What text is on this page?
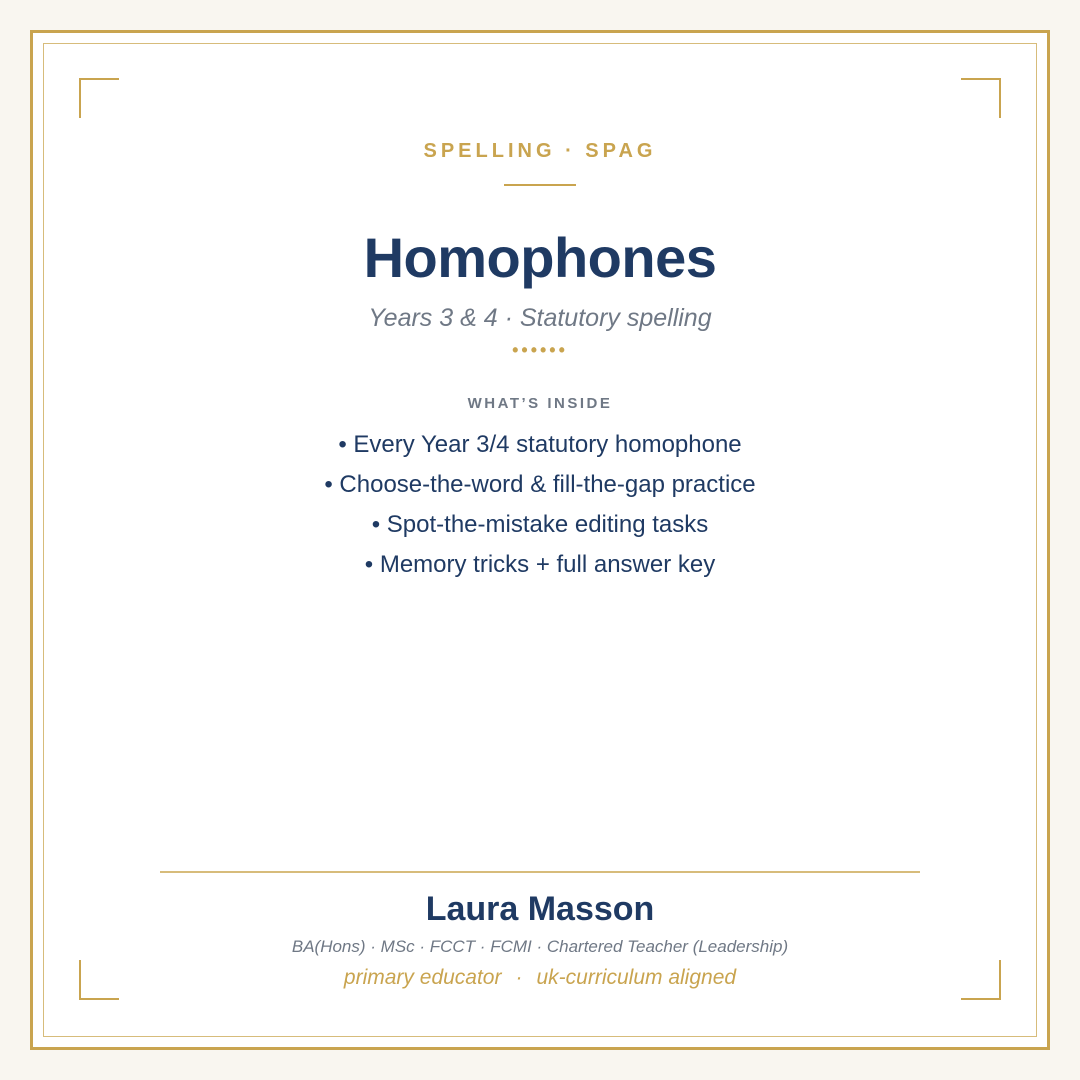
SPELLING · SPAG
Homophones
Years 3 & 4 · Statutory spelling
••••••
WHAT’S INSIDE
• Every Year 3/4 statutory homophone
• Choose-the-word & fill-the-gap practice
• Spot-the-mistake editing tasks
• Memory tricks + full answer key
Laura Masson
BA(Hons) · MSc · FCCT · FCMI · Chartered Teacher (Leadership)
primary educator · uk-curriculum aligned
